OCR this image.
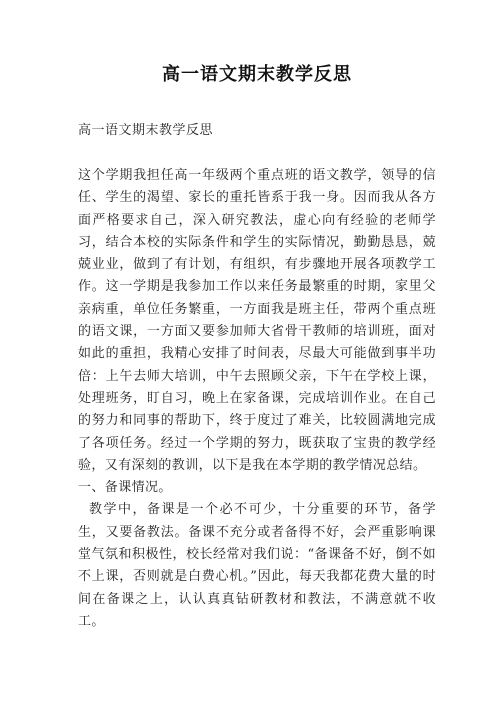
高一语文期末教学反思

高一语文期末教学反思

这个学期我担任高一年级两个重点班的语文教学，领导的信任、学生的渴望、家长的重托皆系于我一身。因而我从各方面严格要求自己，深入研究教法，虚心向有经验的老师学习，结合本校的实际条件和学生的实际情况，勤勤恳恳，兢兢业业，做到了有计划，有组织，有步骤地开展各项教学工作。这一学期是我参加工作以来任务最繁重的时期，家里父亲病重，单位任务繁重，一方面我是班主任，带两个重点班的语文课，一方面又要参加师大省骨干教师的培训班，面对如此的重担，我精心安排了时间表，尽最大可能做到事半功倍：上午去师大培训，中午去照顾父亲，下午在学校上课，处理班务，盯自习，晚上在家备课，完成培训作业。在自己的努力和同事的帮助下，终于度过了难关，比较圆满地完成了各项任务。经过一个学期的努力，既获取了宝贵的教学经验，又有深刻的教训，以下是我在本学期的教学情况总结。

一、备课情况。

教学中，备课是一个必不可少，十分重要的环节，备学生，又要备教法。备课不充分或者备得不好，会严重影响课堂气氛和积极性，校长经常对我们说：“备课备不好，倒不如不上课，否则就是白费心机。”因此，每天我都花费大量的时间在备课之上，认认真真钻研教材和教法，不满意就不收工。
